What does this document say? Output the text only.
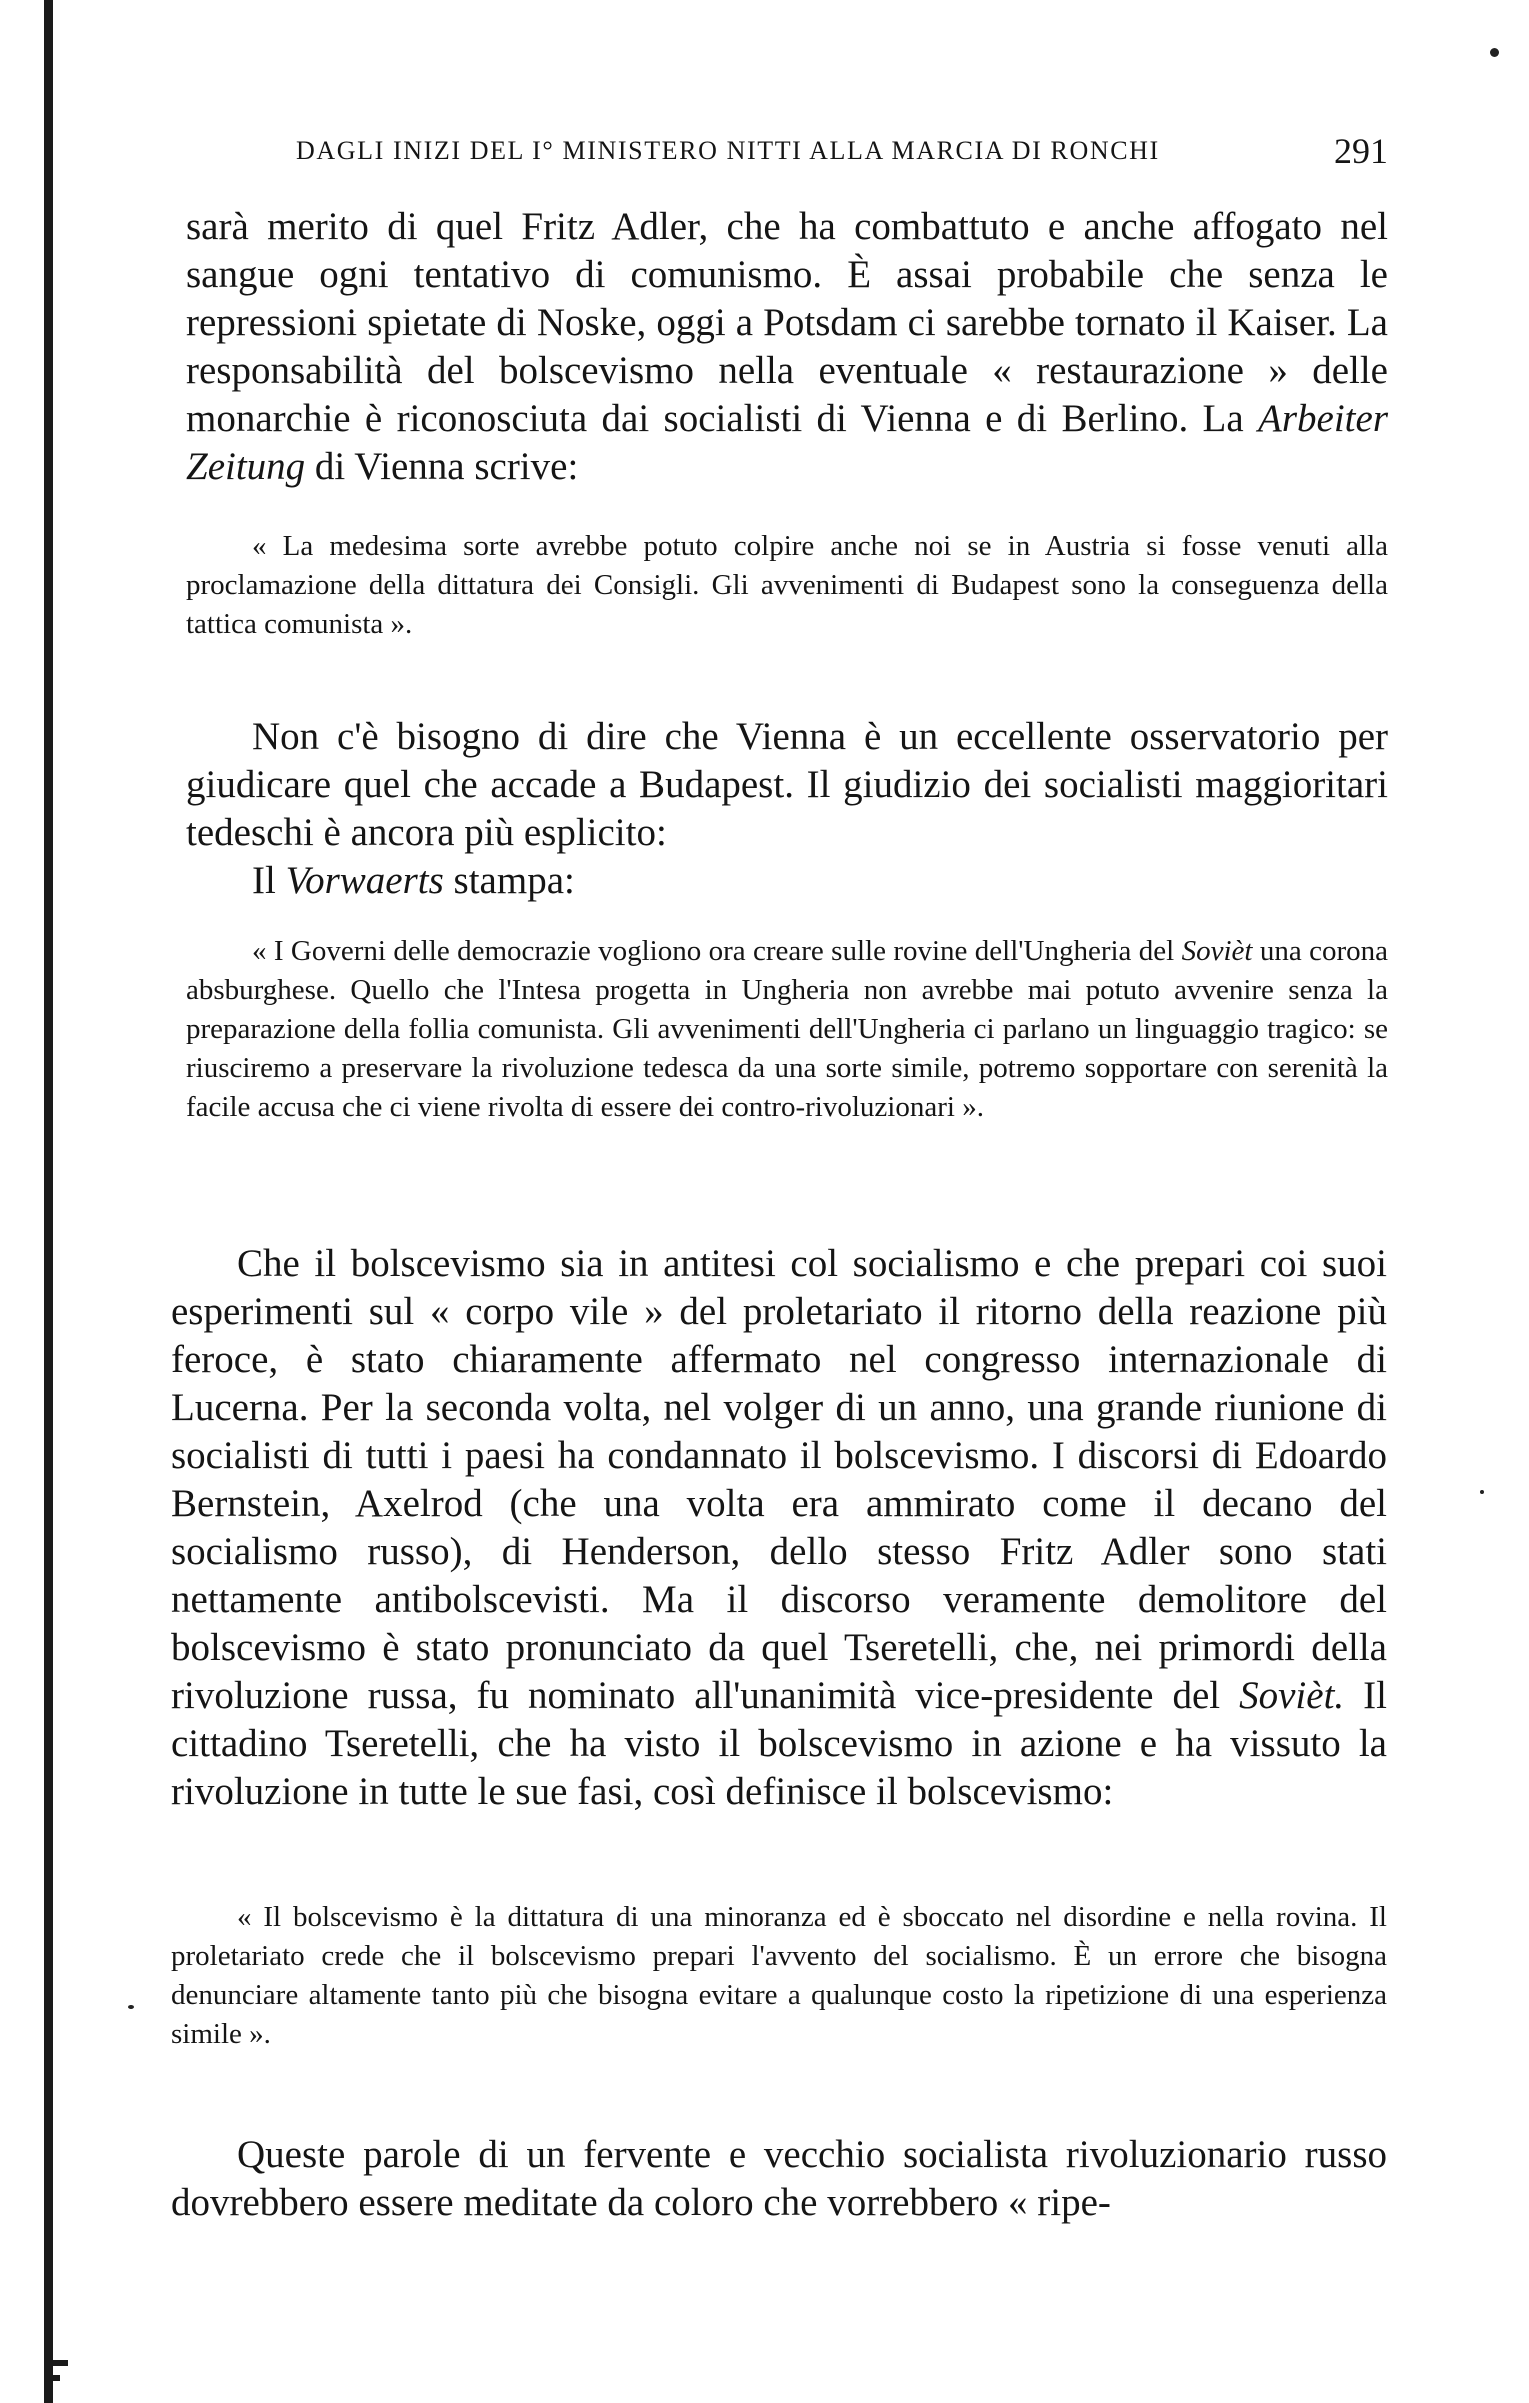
DAGLI INIZI DEL I° MINISTERO NITTI ALLA MARCIA DI RONCHI	291

sarà merito di quel Fritz Adler, che ha combattuto e anche affogato nel sangue ogni tentativo di comunismo. È assai probabile che senza le repressioni spietate di Noske, oggi a Potsdam ci sarebbe tornato il Kaiser. La responsabilità del bolscevismo nella eventuale « restaurazione » delle monarchie è riconosciuta dai socialisti di Vienna e di Berlino. La Arbeiter Zeitung di Vienna scrive:

« La medesima sorte avrebbe potuto colpire anche noi se in Austria si fosse venuti alla proclamazione della dittatura dei Consigli. Gli avvenimenti di Budapest sono la conseguenza della tattica comunista ».

Non c'è bisogno di dire che Vienna è un eccellente osservatorio per giudicare quel che accade a Budapest. Il giudizio dei socialisti maggioritari tedeschi è ancora più esplicito:

Il Vorwaerts stampa:

« I Governi delle democrazie vogliono ora creare sulle rovine dell'Ungheria del Sovièt una corona absburghese. Quello che l'Intesa progetta in Ungheria non avrebbe mai potuto avvenire senza la preparazione della follia comunista. Gli avvenimenti dell'Ungheria ci parlano un linguaggio tragico: se riusciremo a preservare la rivoluzione tedesca da una sorte simile, potremo sopportare con serenità la facile accusa che ci viene rivolta di essere dei contro-rivoluzionari ».

Che il bolscevismo sia in antitesi col socialismo e che prepari coi suoi esperimenti sul « corpo vile » del proletariato il ritorno della reazione più feroce, è stato chiaramente affermato nel congresso internazionale di Lucerna. Per la seconda volta, nel volger di un anno, una grande riunione di socialisti di tutti i paesi ha condannato il bolscevismo. I discorsi di Edoardo Bernstein, Axelrod (che una volta era ammirato come il decano del socialismo russo), di Henderson, dello stesso Fritz Adler sono stati nettamente antibolscevisti. Ma il discorso veramente demolitore del bolscevismo è stato pronunciato da quel Tseretelli, che, nei primordi della rivoluzione russa, fu nominato all'unanimità vice-presidente del Sovièt. Il cittadino Tseretelli, che ha visto il bolscevismo in azione e ha vissuto la rivoluzione in tutte le sue fasi, così definisce il bolscevismo:

« Il bolscevismo è la dittatura di una minoranza ed è sboccato nel disordine e nella rovina. Il proletariato crede che il bolscevismo prepari l'avvento del socialismo. È un errore che bisogna denunciare altamente tanto più che bisogna evitare a qualunque costo la ripetizione di una esperienza simile ».

Queste parole di un fervente e vecchio socialista rivoluzionario russo dovrebbero essere meditate da coloro che vorrebbero « ripe-
